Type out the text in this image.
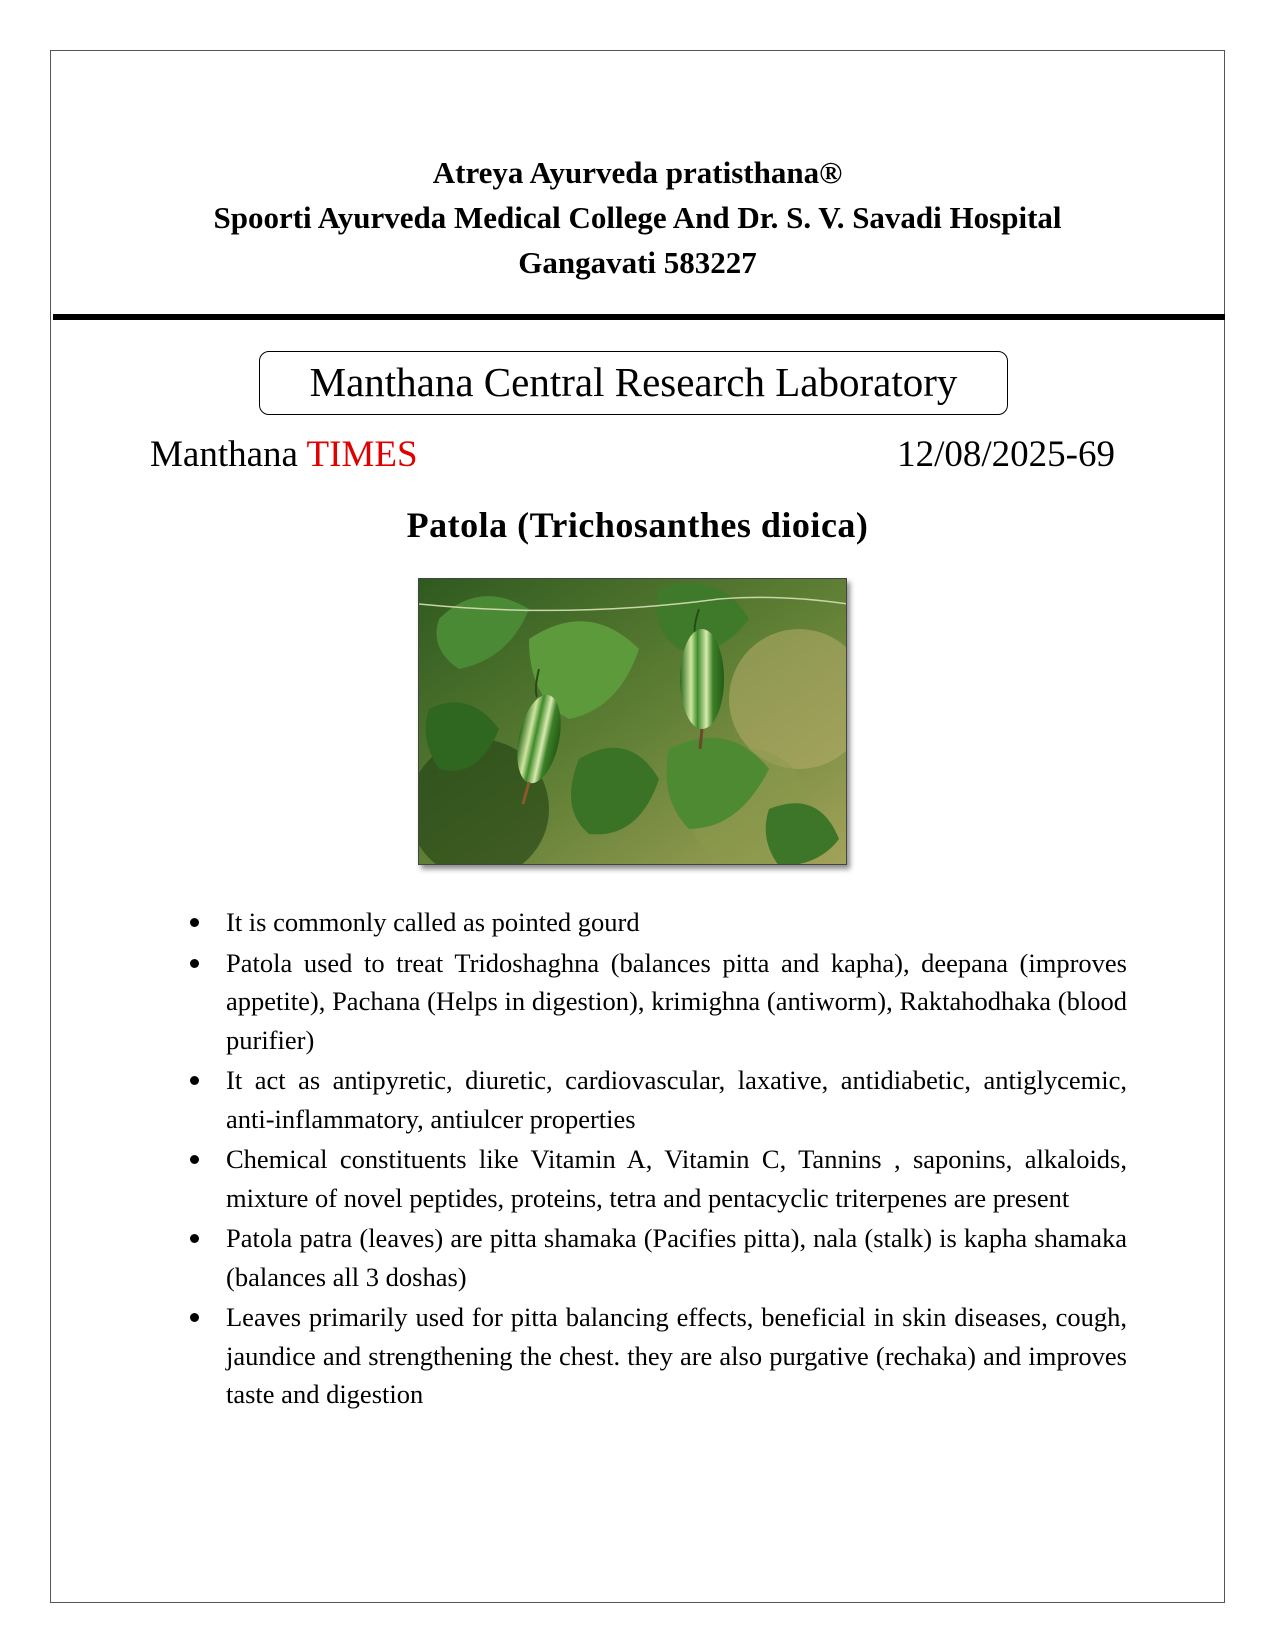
Atreya Ayurveda pratisthana®
Spoorti Ayurveda Medical College And Dr. S. V. Savadi Hospital
Gangavati 583227
Manthana Central Research Laboratory
Manthana TIMES	12/08/2025-69
Patola (Trichosanthes dioica)
It is commonly called as pointed gourd
Patola used to treat Tridoshaghna (balances pitta and kapha), deepana (improves appetite), Pachana (Helps in digestion), krimighna (antiworm), Raktahodhaka (blood purifier)
It act as antipyretic, diuretic, cardiovascular, laxative, antidiabetic, antiglycemic, anti-inflammatory, antiulcer properties
Chemical constituents like Vitamin A, Vitamin C, Tannins , saponins, alkaloids, mixture of novel peptides, proteins, tetra and pentacyclic triterpenes are present
Patola patra (leaves) are pitta shamaka (Pacifies pitta), nala (stalk) is kapha shamaka (balances all 3 doshas)
Leaves primarily used for pitta balancing effects, beneficial in skin diseases, cough, jaundice and strengthening the chest. they are also purgative (rechaka) and improves taste and digestion
